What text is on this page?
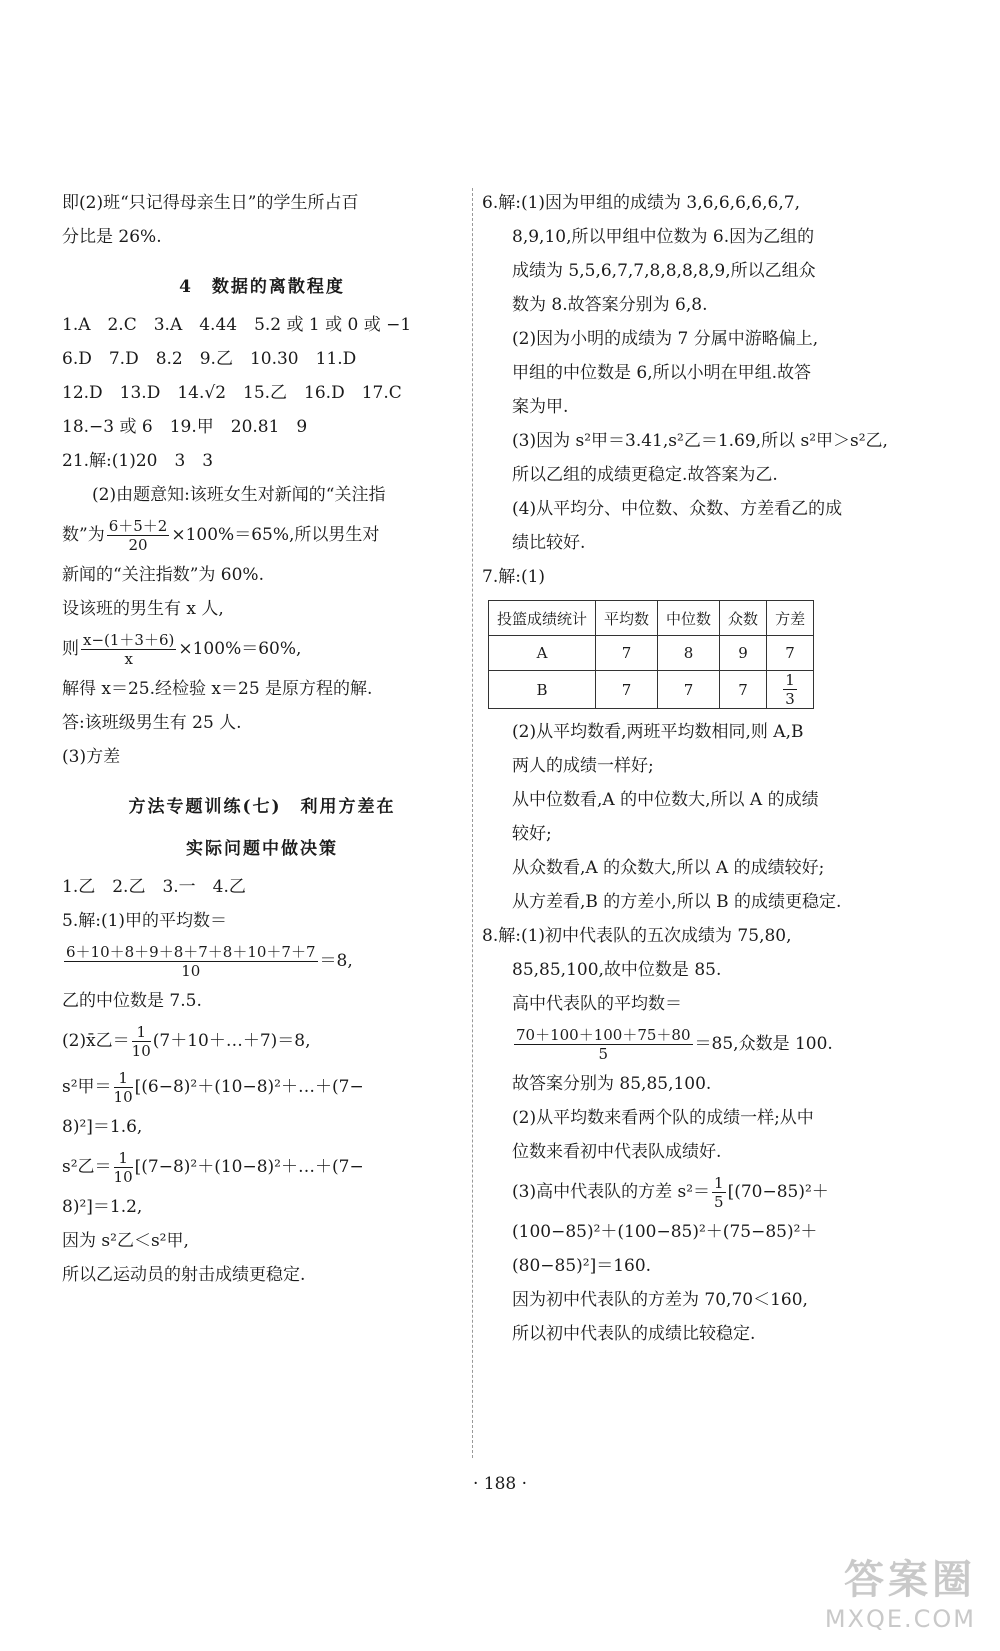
即(2)班“只记得母亲生日”的学生所占百
分比是 26%.
4　数据的离散程度
1.A　2.C　3.A　4.44　5.2 或 1 或 0 或 −1
6.D　7.D　8.2　9.乙　10.30　11.D
12.D　13.D　14.√2　15.乙　16.D　17.C
18.−3 或 6　19.甲　20.81　9
21.解:(1)20　3　3
(2)由题意知:该班女生对新闻的“关注指
数”为 $\frac{6+5+2}{20} \times 100\%=65\%$,所以男生对
新闻的“关注指数”为 60%.
设该班的男生有 x 人,
则 $\frac{x-(1+3+6)}{x} \times 100\%=60\%$,
解得 x＝25.经检验 x＝25 是原方程的解.
答:该班级男生有 25 人.
(3)方差
方法专题训练(七)　利用方差在
实际问题中做决策
1.乙　2.乙　3.一　4.乙
5.解:(1)甲的平均数＝
$\frac{6+10+8+9+8+7+8+10+7+7}{10} =8$,
乙的中位数是 7.5.
(2)x̄乙＝ $\frac{1}{10}$ (7＋10＋…＋7)＝8,
s²甲＝ $\frac{1}{10}$ [(6−8)²＋(10−8)²＋…＋(7−
8)²]＝1.6,
s²乙＝ $\frac{1}{10}$ [(7−8)²＋(10−8)²＋…＋(7−
8)²]＝1.2,
因为 s²乙＜s²甲,
所以乙运动员的射击成绩更稳定.
6.解:(1)因为甲组的成绩为 3,6,6,6,6,6,7,
8,9,10,所以甲组中位数为 6.因为乙组的
成绩为 5,5,6,7,7,8,8,8,8,9,所以乙组众
数为 8.故答案分别为 6,8.
(2)因为小明的成绩为 7 分属中游略偏上,
甲组的中位数是 6,所以小明在甲组.故答
案为甲.
(3)因为 s²甲＝3.41,s²乙＝1.69,所以 s²甲＞s²乙,
所以乙组的成绩更稳定.故答案为乙.
(4)从平均分、中位数、众数、方差看乙的成
绩比较好.
7.解:(1)
投篮成绩统计	平均数	中位数	众数	方差
A	7	8	9	7
B	7	7	7	$\frac{1}{3}$
(2)从平均数看,两班平均数相同,则 A,B
两人的成绩一样好;
从中位数看,A 的中位数大,所以 A 的成绩
较好;
从众数看,A 的众数大,所以 A 的成绩较好;
从方差看,B 的方差小,所以 B 的成绩更稳定.
8.解:(1)初中代表队的五次成绩为 75,80,
85,85,100,故中位数是 85.
高中代表队的平均数＝
$\frac{70+100+100+75+80}{5} =85$,众数是 100.
故答案分别为 85,85,100.
(2)从平均数来看两个队的成绩一样;从中
位数来看初中代表队成绩好.
(3)高中代表队的方差 $s^2= \frac{1}{5} [(70-85)^2+$
(100−85)²＋(100−85)²＋(75−85)²＋
(80−85)²]＝160.
因为初中代表队的方差为 70,70＜160,
所以初中代表队的成绩比较稳定.
· 188 ·
答案圈
MXQE.COM
